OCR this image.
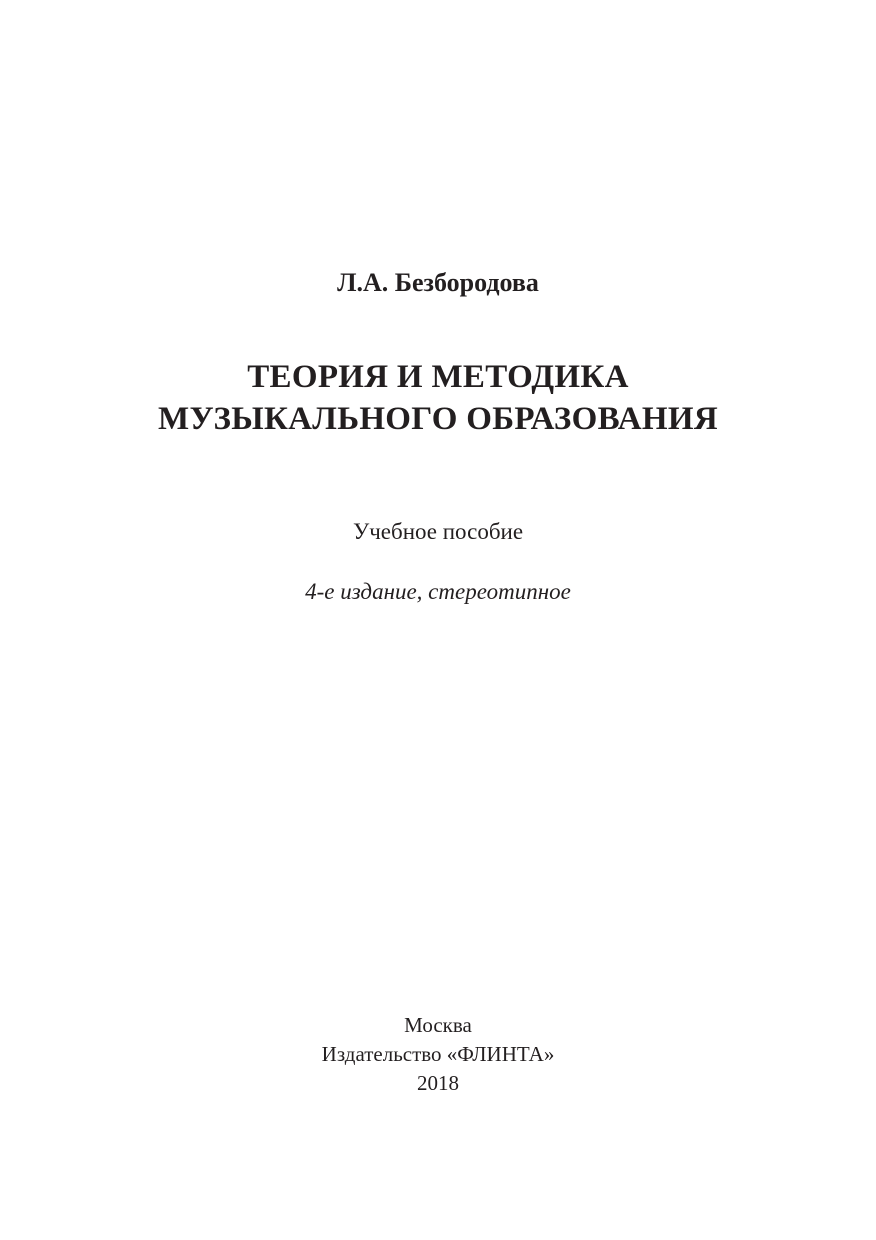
Л.А. Безбородова
ТЕОРИЯ И МЕТОДИКА
МУЗЫКАЛЬНОГО ОБРАЗОВАНИЯ
Учебное пособие
4-е издание, стереотипное
Москва
Издательство «ФЛИНТА»
2018
